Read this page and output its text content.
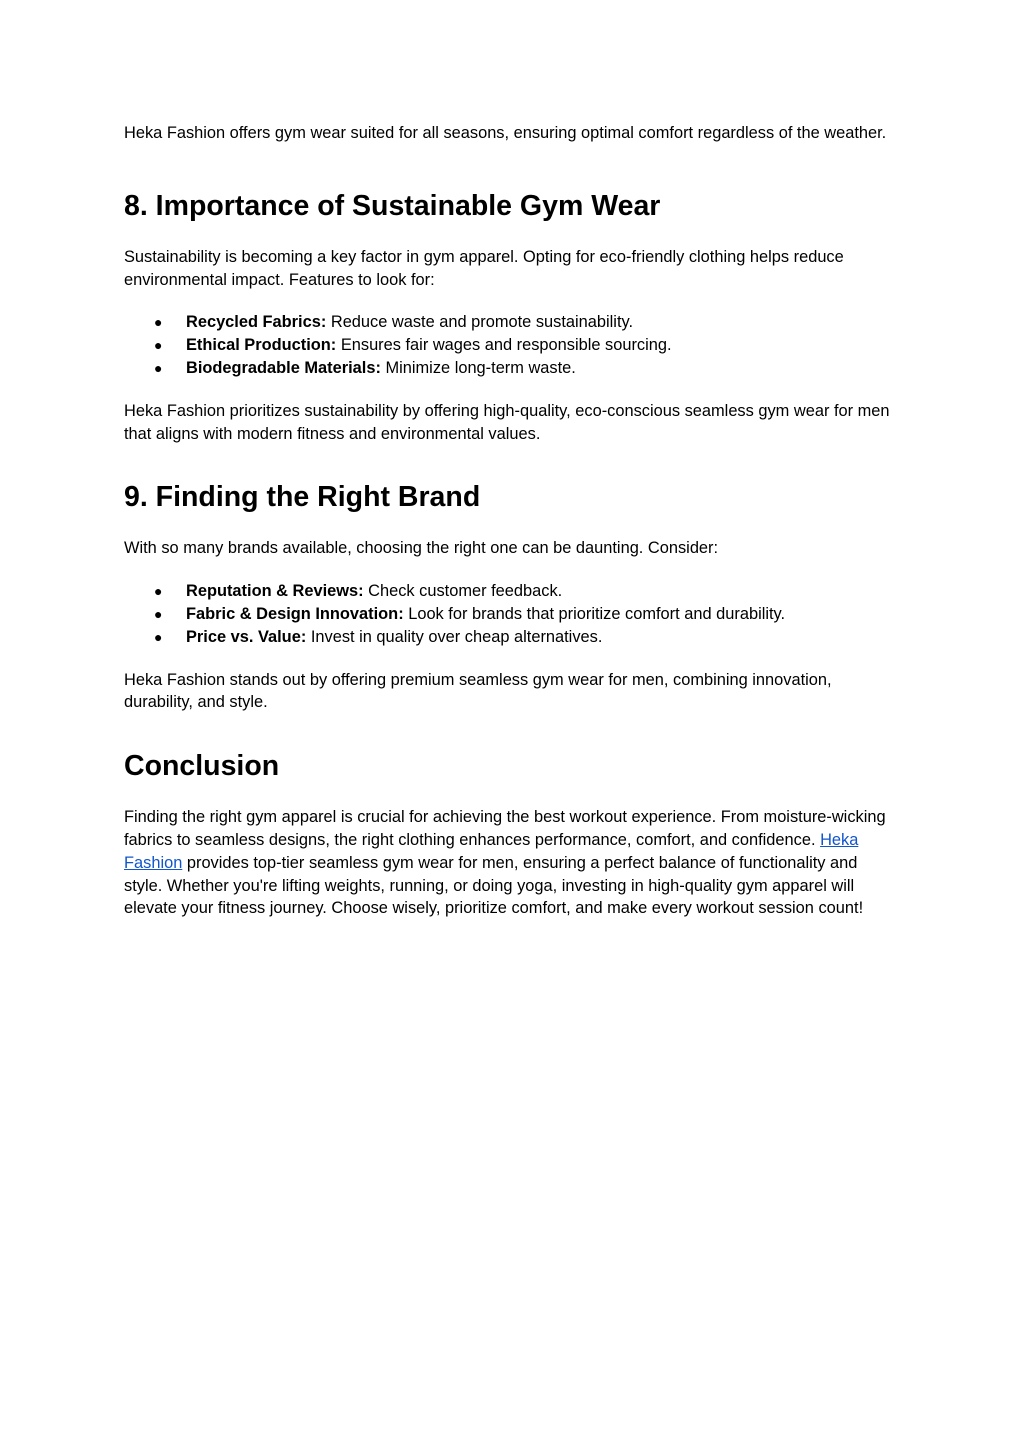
Heka Fashion offers gym wear suited for all seasons, ensuring optimal comfort regardless of the weather.

8. Importance of Sustainable Gym Wear

Sustainability is becoming a key factor in gym apparel. Opting for eco-friendly clothing helps reduce environmental impact. Features to look for:

● Recycled Fabrics: Reduce waste and promote sustainability.
● Ethical Production: Ensures fair wages and responsible sourcing.
● Biodegradable Materials: Minimize long-term waste.

Heka Fashion prioritizes sustainability by offering high-quality, eco-conscious seamless gym wear for men that aligns with modern fitness and environmental values.

9. Finding the Right Brand

With so many brands available, choosing the right one can be daunting. Consider:

● Reputation & Reviews: Check customer feedback.
● Fabric & Design Innovation: Look for brands that prioritize comfort and durability.
● Price vs. Value: Invest in quality over cheap alternatives.

Heka Fashion stands out by offering premium seamless gym wear for men, combining innovation, durability, and style.

Conclusion

Finding the right gym apparel is crucial for achieving the best workout experience. From moisture-wicking fabrics to seamless designs, the right clothing enhances performance, comfort, and confidence. Heka Fashion provides top-tier seamless gym wear for men, ensuring a perfect balance of functionality and style. Whether you're lifting weights, running, or doing yoga, investing in high-quality gym apparel will elevate your fitness journey. Choose wisely, prioritize comfort, and make every workout session count!
